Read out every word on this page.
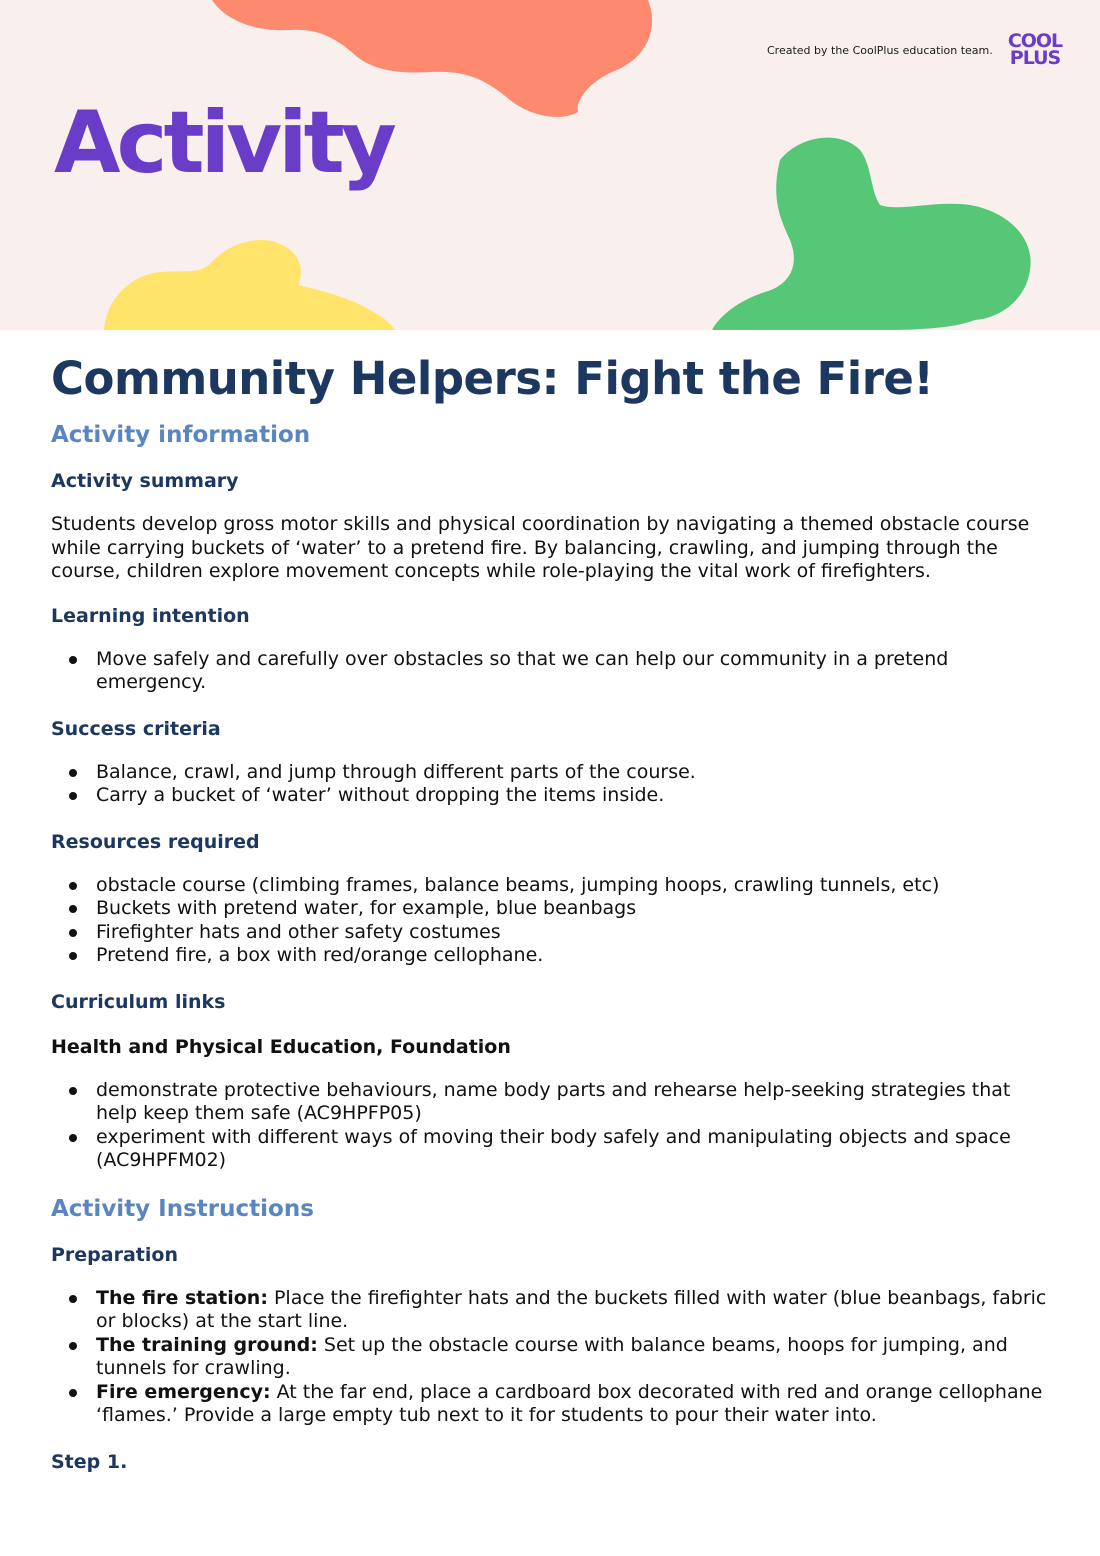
Created by the CoolPlus education team. COOL
PLUS
Activity
Community Helpers: Fight the Fire!
Activity information
Activity summary

Students develop gross motor skills and physical coordination by navigating a themed obstacle course while carrying buckets of ‘water’ to a pretend fire. By balancing, crawling, and jumping through the course, children explore movement concepts while role-playing the vital work of firefighters.

Learning intention
Move safely and carefully over obstacles so that we can help our community in a pretend emergency.
Success criteria
Balance, crawl, and jump through different parts of the course.
Carry a bucket of ‘water’ without dropping the items inside.
Resources required
obstacle course (climbing frames, balance beams, jumping hoops, crawling tunnels, etc)
Buckets with pretend water, for example, blue beanbags
Firefighter hats and other safety costumes
Pretend fire, a box with red/orange cellophane.
Curriculum links

Health and Physical Education, Foundation

demonstrate protective behaviours, name body parts and rehearse help-seeking strategies that help keep them safe (AC9HPFP05)
experiment with different ways of moving their body safely and manipulating objects and space (AC9HPFM02)
Activity Instructions
Preparation
The fire station: Place the firefighter hats and the buckets filled with water (blue beanbags, fabric or blocks) at the start line.
The training ground: Set up the obstacle course with balance beams, hoops for jumping, and tunnels for crawling.
Fire emergency: At the far end, place a cardboard box decorated with red and orange cellophane ‘flames.’ Provide a large empty tub next to it for students to pour their water into.
Step 1.
